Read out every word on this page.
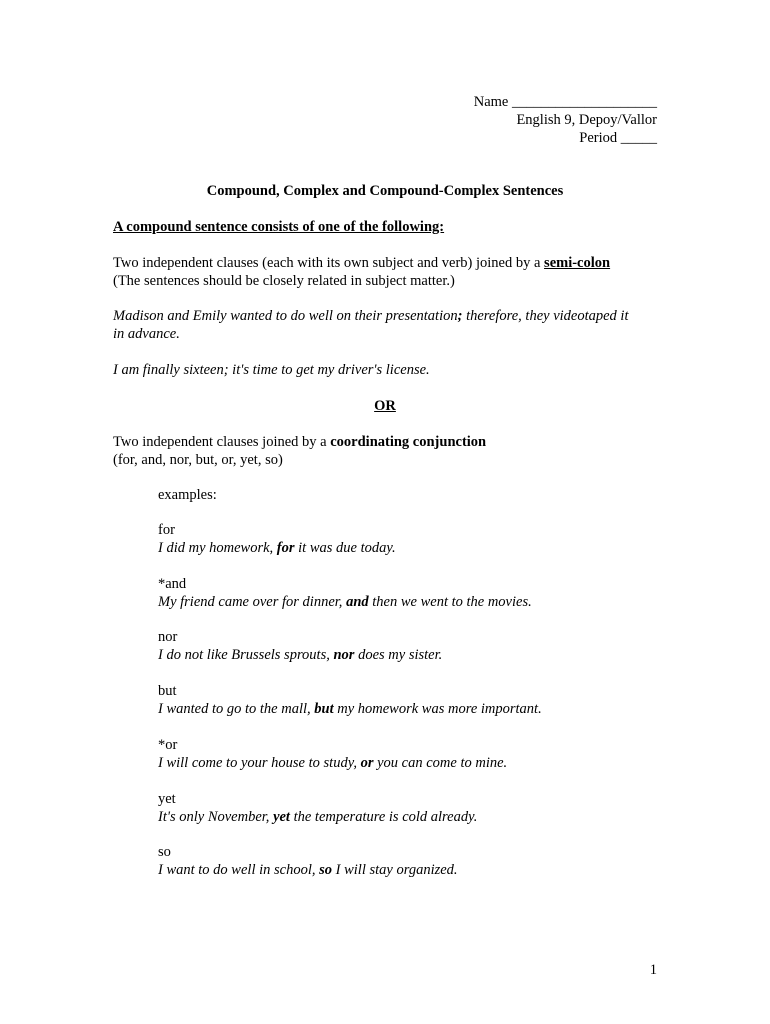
Name ____________________
English 9, Depoy/Vallor
Period _____
Compound, Complex and Compound-Complex Sentences
A compound sentence consists of one of the following:
Two independent clauses (each with its own subject and verb) joined by a semi-colon
(The sentences should be closely related in subject matter.)
Madison and Emily wanted to do well on their presentation; therefore, they videotaped it
in advance.
I am finally sixteen; it's time to get my driver's license.
OR
Two independent clauses joined by a coordinating conjunction
(for, and, nor, but, or, yet, so)
examples:
for
I did my homework, for it was due today.
*and
My friend came over for dinner, and then we went to the movies.
nor
I do not like Brussels sprouts, nor does my sister.
but
I wanted to go to the mall, but my homework was more important.
*or
I will come to your house to study, or you can come to mine.
yet
It's only November, yet the temperature is cold already.
so
I want to do well in school, so I will stay organized.
1
